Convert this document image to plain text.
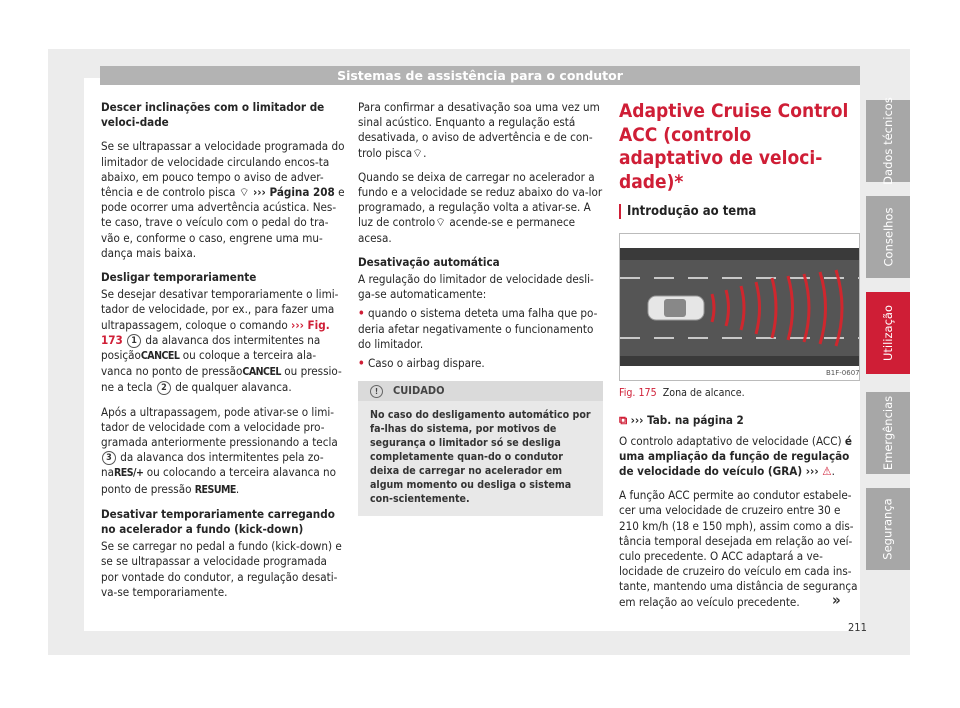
Sistemas de assistência para o condutor

Descer inclinações com o limitador de veloci-dade

Se se ultrapassar a velocidade programada do limitador de velocidade circulando encos-ta abaixo, em pouco tempo o aviso de adver-tência e de controlo pisca ⌔ ››› Página 208 e pode ocorrer uma advertência acústica. Nes-te caso, trave o veículo com o pedal do tra-vão e, conforme o caso, engrene uma mu-dança mais baixa.

Desligar temporariamente

Se desejar desativar temporariamente o limi-tador de velocidade, por ex., para fazer uma ultrapassagem, coloque o comando ››› Fig. 173 1 da alavanca dos intermitentes na posiçãoCANCEL ou coloque a terceira ala-vanca no ponto de pressãoCANCEL ou pressio-ne a tecla 2 de qualquer alavanca.

Após a ultrapassagem, pode ativar-se o limi-tador de velocidade com a velocidade pro-gramada anteriormente pressionando a tecla 3 da alavanca dos intermitentes pela zo-naRES/+ ou colocando a terceira alavanca no ponto de pressão RESUME.

Desativar temporariamente carregando no acelerador a fundo (kick-down)

Se se carregar no pedal a fundo (kick-down) e se se ultrapassar a velocidade programada por vontade do condutor, a regulação desati-va-se temporariamente.

Para confirmar a desativação soa uma vez um sinal acústico. Enquanto a regulação está desativada, o aviso de advertência e de con-trolo pisca⌔.

Quando se deixa de carregar no acelerador a fundo e a velocidade se reduz abaixo do va-lor programado, a regulação volta a ativar-se. A luz de controlo⌔ acende-se e permanece acesa.

Desativação automática

A regulação do limitador de velocidade desli-ga-se automaticamente:

• quando o sistema deteta uma falha que po-deria afetar negativamente o funcionamento do limitador.

• Caso o airbag dispare.

! CUIDADO
No caso do desligamento automático por fa-lhas do sistema, por motivos de segurança o limitador só se desliga completamente quan-do o condutor deixa de carregar no acelerador em algum momento ou desliga o sistema con-scientemente.
Adaptive Cruise Control ACC (controlo adaptativo de veloci-dade)*

Introdução ao tema

B1F-0607
Fig. 175 Zona de alcance.

⧉ ››› Tab. na página 2

O controlo adaptativo de velocidade (ACC) é uma ampliação da função de regulação de velocidade do veículo (GRA) ››› ⚠.

A função ACC permite ao condutor estabele-cer uma velocidade de cruzeiro entre 30 e 210 km/h (18 e 150 mph), assim como a dis-tância temporal desejada em relação ao veí-culo precedente. O ACC adaptará a ve-locidade de cruzeiro do veículo em cada ins-tante, mantendo uma distância de segurança em relação ao veículo precedente.	»
211
Dados técnicos
Conselhos
Utilização
Emergências
Segurança
